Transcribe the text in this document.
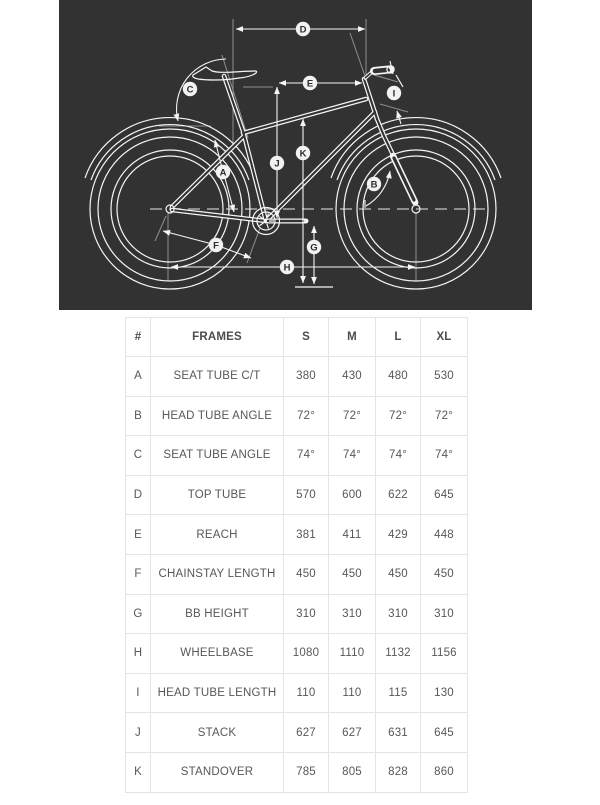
A
B
C
D
E
F	G
H
I
J
K
#	FRAMES	S	M	L	XL
A	SEAT TUBE C/T	380	430	480	530
B	HEAD TUBE ANGLE	72°	72°	72°	72°
C	SEAT TUBE ANGLE	74°	74°	74°	74°
D	TOP TUBE	570	600	622	645
E	REACH	381	411	429	448
F	CHAINSTAY LENGTH	450	450	450	450
G	BB HEIGHT	310	310	310	310
H	WHEELBASE	1080	1110	1132	1156
I	HEAD TUBE LENGTH	110	110	115	130
J	STACK	627	627	631	645
K	STANDOVER	785	805	828	860
